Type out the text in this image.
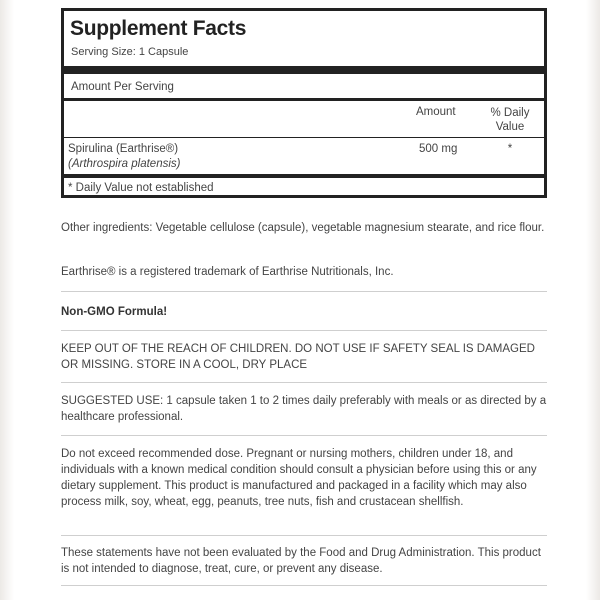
Supplement Facts
Serving Size: 1 Capsule
Amount Per Serving
Amount	% Daily Value
Spirulina (Earthrise®)
(Arthrospira platensis)
500 mg	*
* Daily Value not established

Other ingredients: Vegetable cellulose (capsule), vegetable magnesium stearate, and rice flour.

Earthrise® is a registered trademark of Earthrise Nutritionals, Inc.

Non-GMO Formula!

KEEP OUT OF THE REACH OF CHILDREN. DO NOT USE IF SAFETY SEAL IS DAMAGED OR MISSING. STORE IN A COOL, DRY PLACE

SUGGESTED USE: 1 capsule taken 1 to 2 times daily preferably with meals or as directed by a healthcare professional.

Do not exceed recommended dose. Pregnant or nursing mothers, children under 18, and individuals with a known medical condition should consult a physician before using this or any dietary supplement. This product is manufactured and packaged in a facility which may also process milk, soy, wheat, egg, peanuts, tree nuts, fish and crustacean shellfish.

These statements have not been evaluated by the Food and Drug Administration. This product is not intended to diagnose, treat, cure, or prevent any disease.
